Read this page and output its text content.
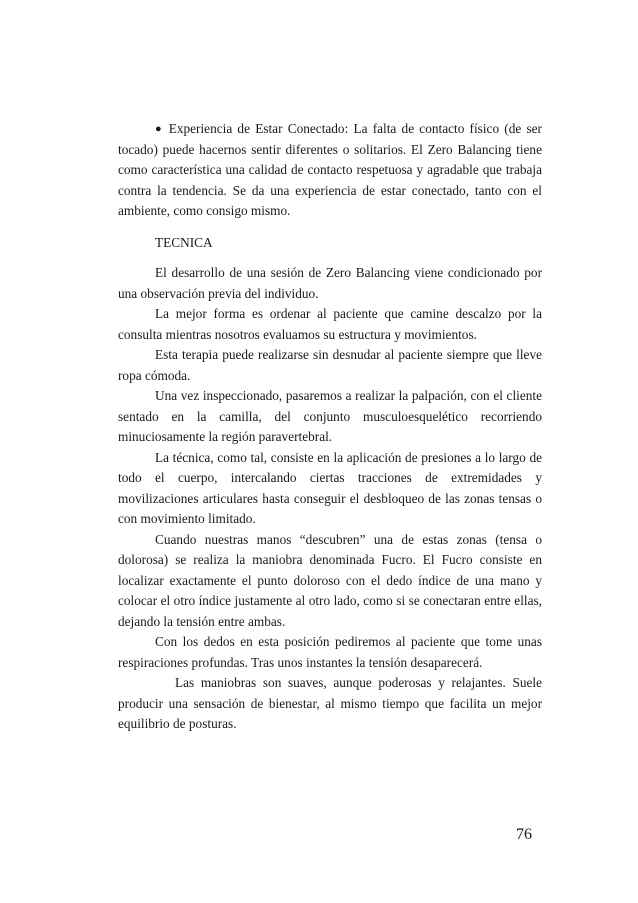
● Experiencia de Estar Conectado: La falta de contacto físico (de ser tocado) puede hacernos sentir diferentes o solitarios. El Zero Balancing tiene como característica una calidad de contacto respetuosa y agradable que trabaja contra la tendencia. Se da una experiencia de estar conectado, tanto con el ambiente, como consigo mismo.

TECNICA

El desarrollo de una sesión de Zero Balancing viene condicionado por una observación previa del individuo.

La mejor forma es ordenar al paciente que camine descalzo por la consulta mientras nosotros evaluamos su estructura y movimientos.

Esta terapia puede realizarse sin desnudar al paciente siempre que lleve ropa cómoda.

Una vez inspeccionado, pasaremos a realizar la palpación, con el cliente sentado en la camilla, del conjunto musculoesquelético recorriendo minuciosamente la región paravertebral.

La técnica, como tal, consiste en la aplicación de presiones a lo largo de todo el cuerpo, intercalando ciertas tracciones de extremidades y movilizaciones articulares hasta conseguir el desbloqueo de las zonas tensas o con movimiento limitado.

Cuando nuestras manos “descubren” una de estas zonas (tensa o dolorosa) se realiza la maniobra denominada Fucro. El Fucro consiste en localizar exactamente el punto doloroso con el dedo índice de una mano y colocar el otro índice justamente al otro lado, como si se conectaran entre ellas, dejando la tensión entre ambas.

Con los dedos en esta posición pediremos al paciente que tome unas respiraciones profundas. Tras unos instantes la tensión desaparecerá.

Las maniobras son suaves, aunque poderosas y relajantes. Suele producir una sensación de bienestar, al mismo tiempo que facilita un mejor equilibrio de posturas.

76
